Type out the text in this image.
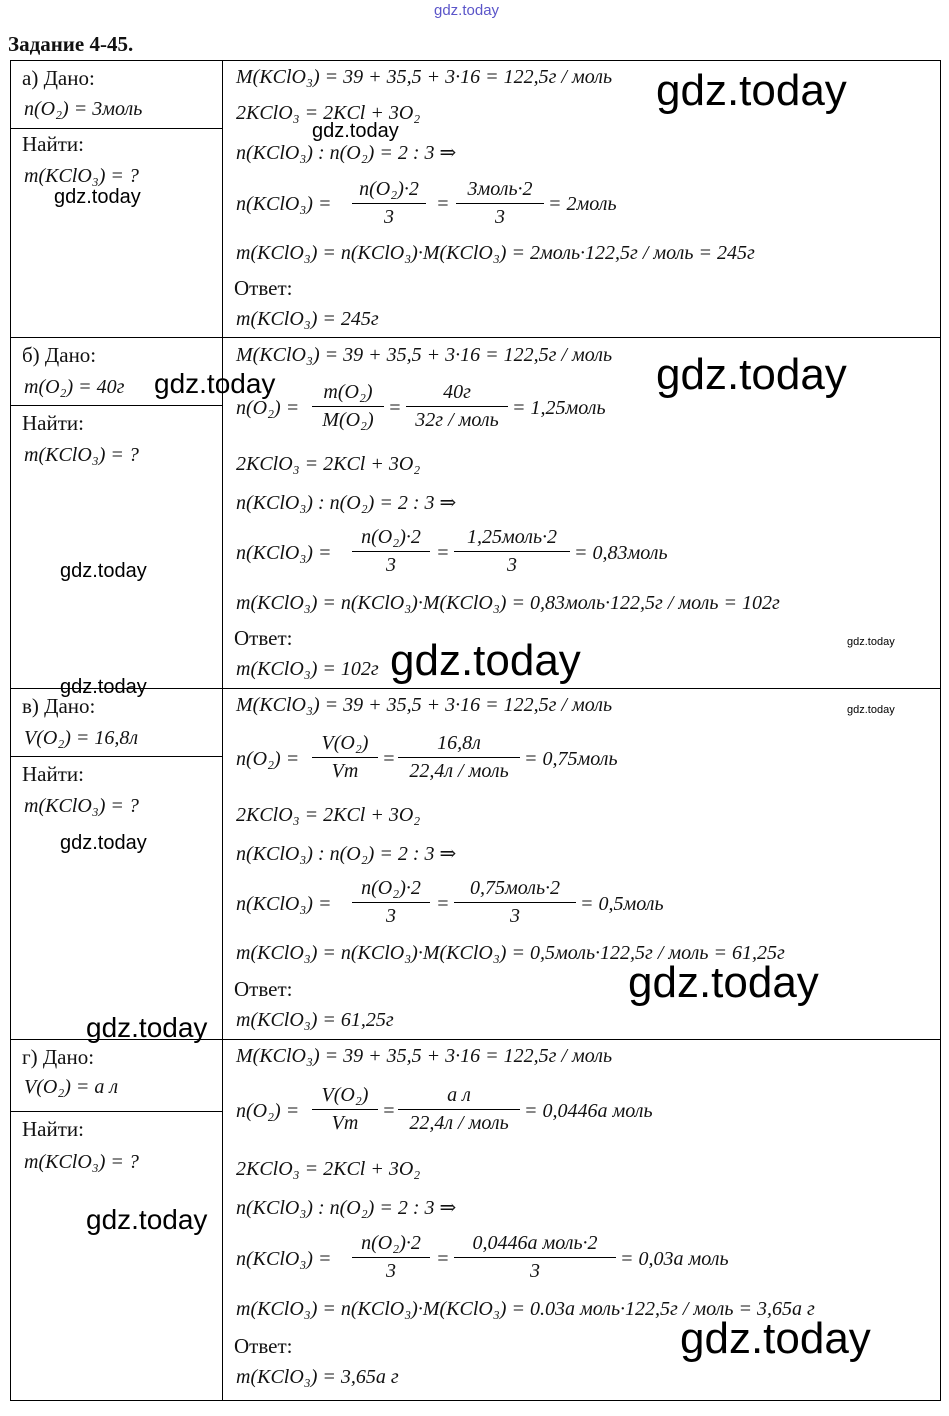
gdz.today
Задание 4-45.
а) Дано:
n(O₂) = 3моль
Найти:
m(KClO₃) = ?
M(KClO₃) = 39 + 35,5 + 3·16 = 122,5г / моль
2KClO₃ = 2KCl + 3O₂
n(KClO₃) : n(O₂) = 2 : 3 ⇒
n(KClO₃) = $\frac{\text{n(O₂)·2}}{3}$ =
3моль·2
3
= 2моль
m(KClO₃) = n(KClO₃)·M(KClO₃) = 2моль·122,5г / моль = 245г
Ответ:
m(KClO₃) = 245г
б) Дано:
m(O₂) = 40г
Найти:
m(KClO₃) = ?
M(KClO₃) = 39 + 35,5 + 3·16 = 122,5г / моль
$n(O_2) = \frac{\text{m(O₂)}}{\text{M(O₂)}}$ =
40г
32г / моль
= 1,25моль
2KClO₃ = 2KCl + 3O₂
n(KClO₃) : n(O₂) = 2 : 3 ⇒
n(KClO₃) = $\frac{\text{n(O₂)·2}}{3}$ =
1,25моль·2
3
= 0,83моль
m(KClO₃) = n(KClO₃)·M(KClO₃) = 0,83моль·122,5г / моль = 102г
Ответ:
m(KClO₃) = 102г
в) Дано:
V(O₂) = 16,8л
Найти:
m(KClO₃) = ?
M(KClO₃) = 39 + 35,5 + 3·16 = 122,5г / моль
$n(O_2) = \frac{\text{V(O₂)}}{Vm}$ =
16,8л
22,4л / моль
= 0,75моль
2KClO₃ = 2KCl + 3O₂
n(KClO₃) : n(O₂) = 2 : 3 ⇒
n(KClO₃) = $\frac{\text{n(O₂)·2}}{3}$ =
0,75моль·2
3
= 0,5моль
m(KClO₃) = n(KClO₃)·M(KClO₃) = 0,5моль·122,5г / моль = 61,25г
Ответ:
m(KClO₃) = 61,25г
г) Дано:
V(O₂) = a л
Найти:
m(KClO₃) = ?
M(KClO₃) = 39 + 35,5 + 3·16 = 122,5г / моль
$n(O_2) = \frac{\text{V(O₂)}}{Vm}$ =
a л
22,4л / моль
= 0,0446a моль
2KClO₃ = 2KCl + 3O₂
n(KClO₃) : n(O₂) = 2 : 3 ⇒
n(KClO₃) = $\frac{\text{n(O₂)·2}}{3}$ =
0,0446a моль·2
3
= 0,03a моль
m(KClO₃) = n(KClO₃)·M(KClO₃) = 0.03a моль·122,5г / моль = 3,65a г
Ответ:
m(KClO₃) = 3,65a г
gdz.today
gdz.today
gdz.today
gdz.today
gdz.today
gdz.today
gdz.today
gdz.today
gdz.today
gdz.today
gdz.today
gdz.today
gdz.today
gdz.today
gdz.today
